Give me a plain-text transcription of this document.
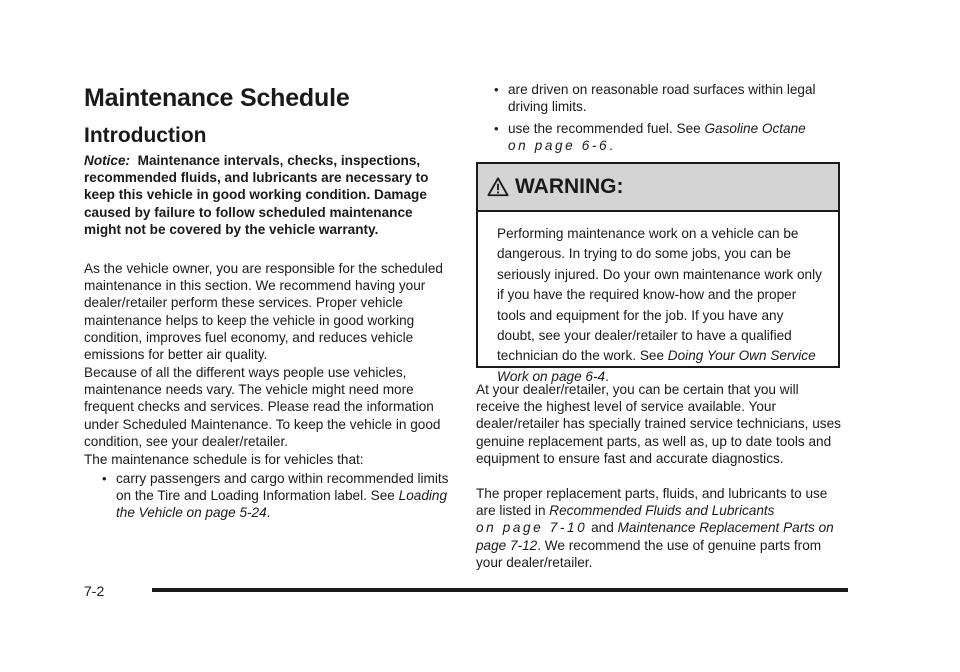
Maintenance Schedule
Introduction

Notice: Maintenance intervals, checks, inspections, recommended fluids, and lubricants are necessary to keep this vehicle in good working condition. Damage caused by failure to follow scheduled maintenance might not be covered by the vehicle warranty.

As the vehicle owner, you are responsible for the scheduled maintenance in this section. We recommend having your dealer/retailer perform these services. Proper vehicle maintenance helps to keep the vehicle in good working condition, improves fuel economy, and reduces vehicle emissions for better air quality.

Because of all the different ways people use vehicles, maintenance needs vary. The vehicle might need more frequent checks and services. Please read the information under Scheduled Maintenance. To keep the vehicle in good condition, see your dealer/retailer.

The maintenance schedule is for vehicles that:

• carry passengers and cargo within recommended limits on the Tire and Loading Information label. See Loading the Vehicle on page 5-24.
• are driven on reasonable road surfaces within legal driving limits.
• use the recommended fuel. See Gasoline Octane
on page 6-6.
WARNING:

Performing maintenance work on a vehicle can be dangerous. In trying to do some jobs, you can be seriously injured. Do your own maintenance work only if you have the required know-how and the proper tools and equipment for the job. If you have any doubt, see your dealer/retailer to have a qualified technician do the work. See Doing Your Own Service Work on page 6-4.

At your dealer/retailer, you can be certain that you will receive the highest level of service available. Your dealer/retailer has specially trained service technicians, uses genuine replacement parts, as well as, up to date tools and equipment to ensure fast and accurate diagnostics.

The proper replacement parts, fluids, and lubricants to use are listed in Recommended Fluids and Lubricants
on page 7-10 and Maintenance Replacement Parts on page 7-12. We recommend the use of genuine parts from your dealer/retailer.

7-2
